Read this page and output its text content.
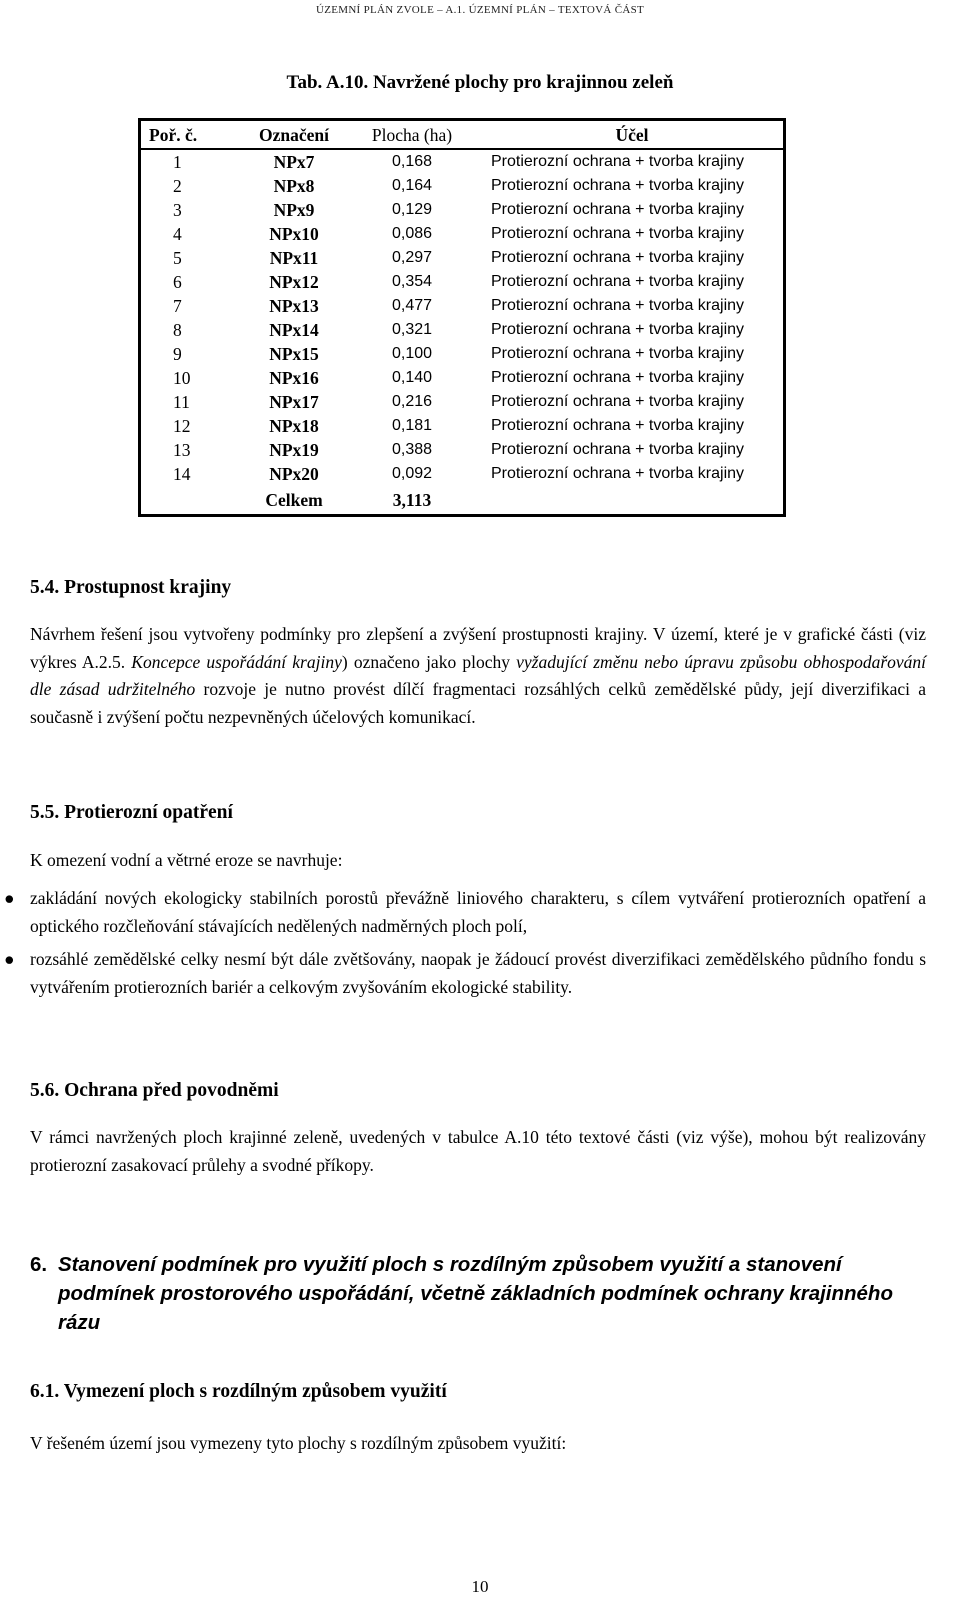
ÚZEMNÍ PLÁN ZVOLE – A.1. ÚZEMNÍ PLÁN – TEXTOVÁ ČÁST
Tab. A.10. Navržené plochy pro krajinnou zeleň
Poř. č.	Označení	Plocha (ha)	Účel
1	NPx7	0,168	Protierozní ochrana + tvorba krajiny
2	NPx8	0,164	Protierozní ochrana + tvorba krajiny
3	NPx9	0,129	Protierozní ochrana + tvorba krajiny
4	NPx10	0,086	Protierozní ochrana + tvorba krajiny
5	NPx11	0,297	Protierozní ochrana + tvorba krajiny
6	NPx12	0,354	Protierozní ochrana + tvorba krajiny
7	NPx13	0,477	Protierozní ochrana + tvorba krajiny
8	NPx14	0,321	Protierozní ochrana + tvorba krajiny
9	NPx15	0,100	Protierozní ochrana + tvorba krajiny
10	NPx16	0,140	Protierozní ochrana + tvorba krajiny
11	NPx17	0,216	Protierozní ochrana + tvorba krajiny
12	NPx18	0,181	Protierozní ochrana + tvorba krajiny
13	NPx19	0,388	Protierozní ochrana + tvorba krajiny
14	NPx20	0,092	Protierozní ochrana + tvorba krajiny
	Celkem	3,113	
5.4. Prostupnost krajiny

Návrhem řešení jsou vytvořeny podmínky pro zlepšení a zvýšení prostupnosti krajiny. V území, které je v grafické části (viz výkres A.2.5. Koncepce uspořádání krajiny) označeno jako plochy vyžadující změnu nebo úpravu způsobu obhospodařování dle zásad udržitelného rozvoje je nutno provést dílčí fragmentaci rozsáhlých celků zemědělské půdy, její diverzifikaci a současně i zvýšení počtu nezpevněných účelových komunikací.

5.5. Protierozní opatření

K omezení vodní a větrné eroze se navrhuje:

● zakládání nových ekologicky stabilních porostů převážně liniového charakteru, s cílem vytváření protierozních opatření a optického rozčleňování stávajících nedělených nadměrných ploch polí,
● rozsáhlé zemědělské celky nesmí být dále zvětšovány, naopak je žádoucí provést diverzifikaci zemědělského půdního fondu s vytvářením protierozních bariér a celkovým zvyšováním ekologické stability.
5.6. Ochrana před povodněmi

V rámci navržených ploch krajinné zeleně, uvedených v tabulce A.10 této textové části (viz výše), mohou být realizovány protierozní zasakovací průlehy a svodné příkopy.

6. Stanovení podmínek pro využití ploch s rozdílným způsobem využití a stanovení podmínek prostorového uspořádání, včetně základních podmínek ochrany krajinného rázu
6.1. Vymezení ploch s rozdílným způsobem využití

V řešeném území jsou vymezeny tyto plochy s rozdílným způsobem využití:

10
